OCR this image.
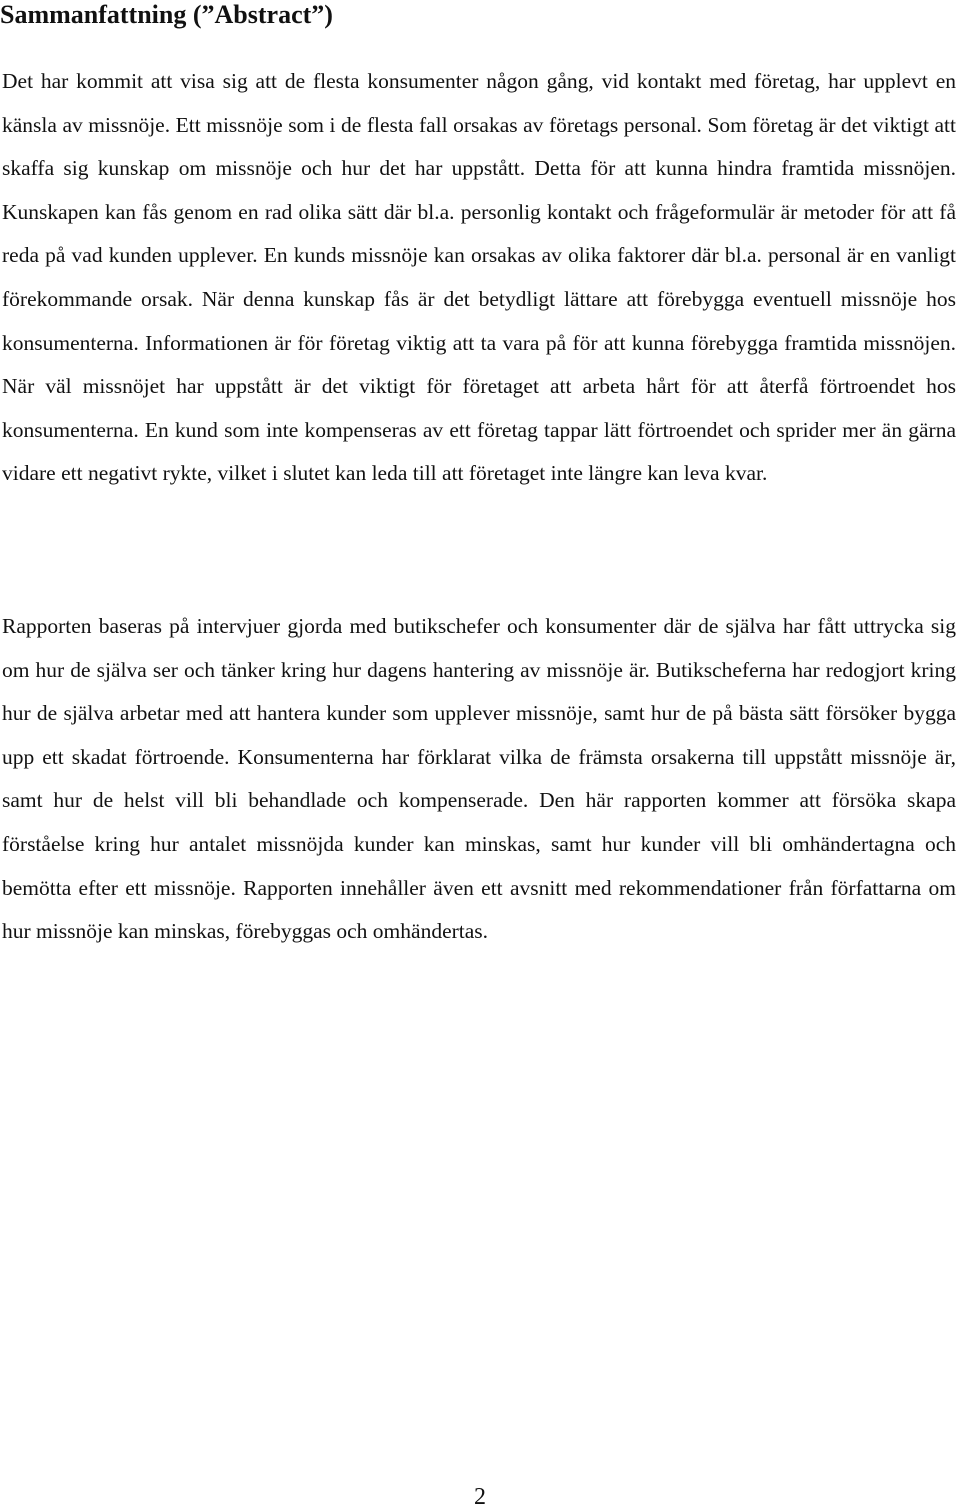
Sammanfattning (”Abstract”)

Det har kommit att visa sig att de flesta konsumenter någon gång, vid kontakt med företag, har upplevt en känsla av missnöje. Ett missnöje som i de flesta fall orsakas av företags personal. Som företag är det viktigt att skaffa sig kunskap om missnöje och hur det har uppstått. Detta för att kunna hindra framtida missnöjen. Kunskapen kan fås genom en rad olika sätt där bl.a. personlig kontakt och frågeformulär är metoder för att få reda på vad kunden upplever. En kunds missnöje kan orsakas av olika faktorer där bl.a. personal är en vanligt förekommande orsak. När denna kunskap fås är det betydligt lättare att förebygga eventuell missnöje hos konsumenterna. Informationen är för företag viktig att ta vara på för att kunna förebygga framtida missnöjen. När väl missnöjet har uppstått är det viktigt för företaget att arbeta hårt för att återfå förtroendet hos konsumenterna. En kund som inte kompenseras av ett företag tappar lätt förtroendet och sprider mer än gärna vidare ett negativt rykte, vilket i slutet kan leda till att företaget inte längre kan leva kvar.

Rapporten baseras på intervjuer gjorda med butikschefer och konsumenter där de själva har fått uttrycka sig om hur de själva ser och tänker kring hur dagens hantering av missnöje är. Butikscheferna har redogjort kring hur de själva arbetar med att hantera kunder som upplever missnöje, samt hur de på bästa sätt försöker bygga upp ett skadat förtroende. Konsumenterna har förklarat vilka de främsta orsakerna till uppstått missnöje är, samt hur de helst vill bli behandlade och kompenserade. Den här rapporten kommer att försöka skapa förståelse kring hur antalet missnöjda kunder kan minskas, samt hur kunder vill bli omhändertagna och bemötta efter ett missnöje. Rapporten innehåller även ett avsnitt med rekommendationer från författarna om hur missnöje kan minskas, förebyggas och omhändertas.

2
